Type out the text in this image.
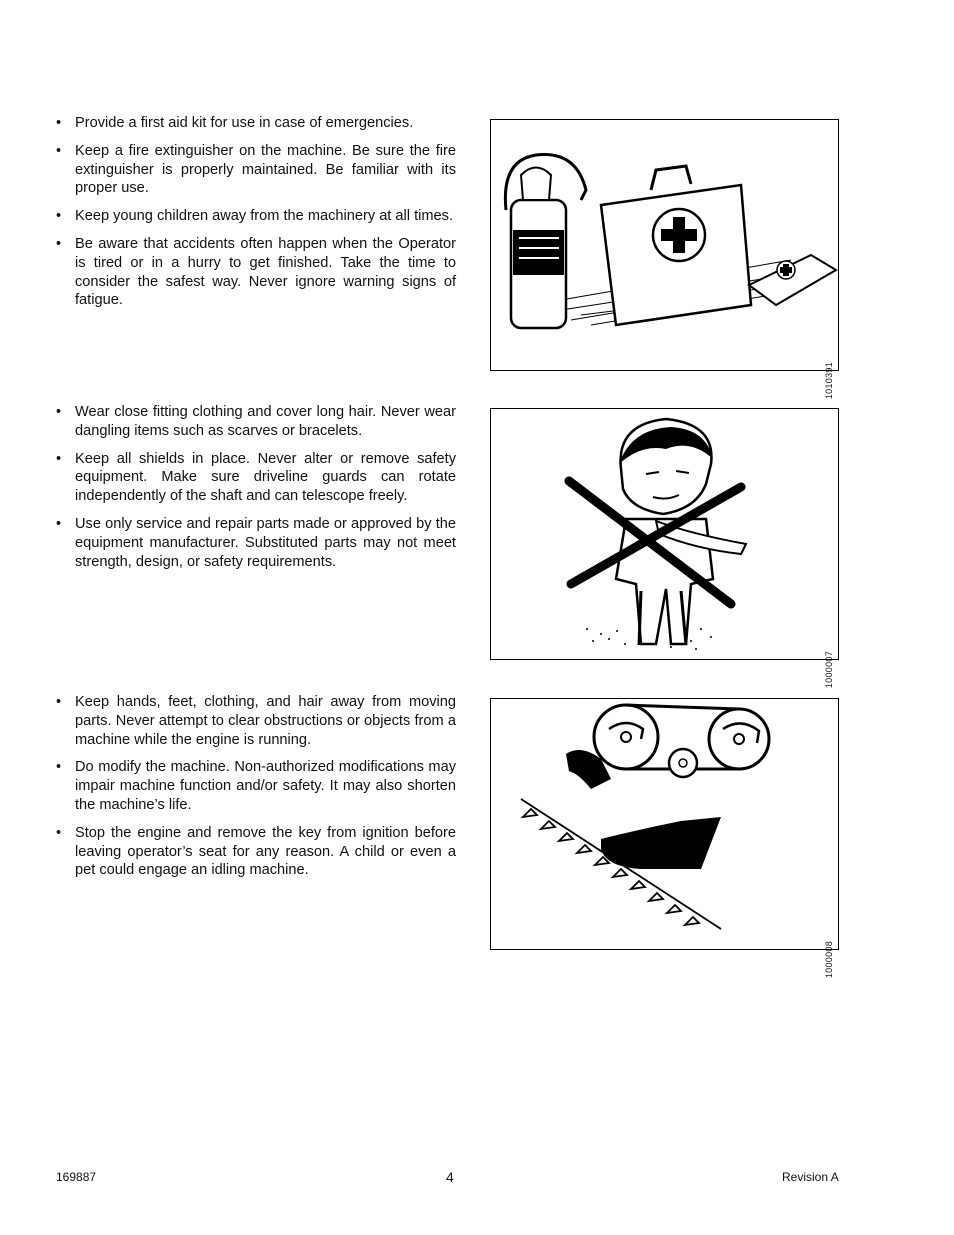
• Provide a first aid kit for use in case of emergencies.
• Keep a fire extinguisher on the machine. Be sure the fire extinguisher is properly maintained. Be familiar with its proper use.
• Keep young children away from the machinery at all times.
• Be aware that accidents often happen when the Operator is tired or in a hurry to get finished. Take the time to consider the safest way. Never ignore warning signs of fatigue.
1010391
• Wear close fitting clothing and cover long hair. Never wear dangling items such as scarves or bracelets.
• Keep all shields in place. Never alter or remove safety equipment. Make sure driveline guards can rotate independently of the shaft and can telescope freely.
• Use only service and repair parts made or approved by the equipment manufacturer. Substituted parts may not meet strength, design, or safety requirements.
1000007
• Keep hands, feet, clothing, and hair away from moving parts. Never attempt to clear obstructions or objects from a machine while the engine is running.
• Do modify the machine. Non-authorized modifications may impair machine function and/or safety. It may also shorten the machine’s life.
• Stop the engine and remove the key from ignition before leaving operator’s seat for any reason. A child or even a pet could engage an idling machine.
1000008
169887	4	Revision A
